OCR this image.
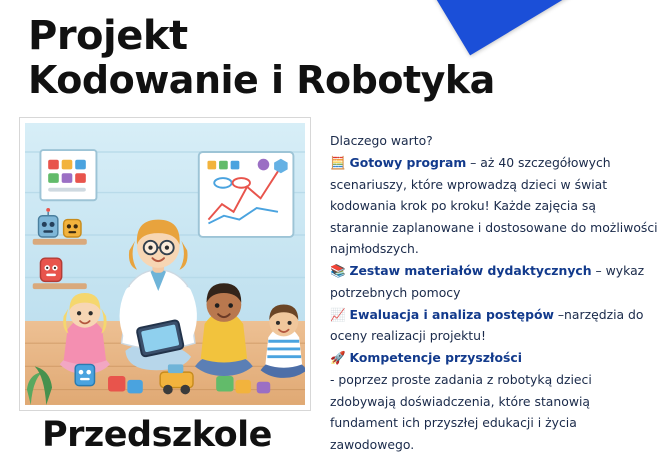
Projekt
Kodowanie i Robotyka
Przedszkole

Dlaczego warto?

🧮 Gotowy program – aż 40 szczegółowych scenariuszy, które wprowadzą dzieci w świat kodowania krok po kroku! Każde zajęcia są starannie zaplanowane i dostosowane do możliwości najmłodszych.

📚 Zestaw materiałów dydaktycznych – wykaz potrzebnych pomocy

📈 Ewaluacja i analiza postępów –narzędzia do oceny realizacji projektu!

🚀 Kompetencje przyszłości

- poprzez proste zadania z robotyką dzieci zdobywają doświadczenia, które stanowią fundament ich przyszłej edukacji i życia zawodowego.
